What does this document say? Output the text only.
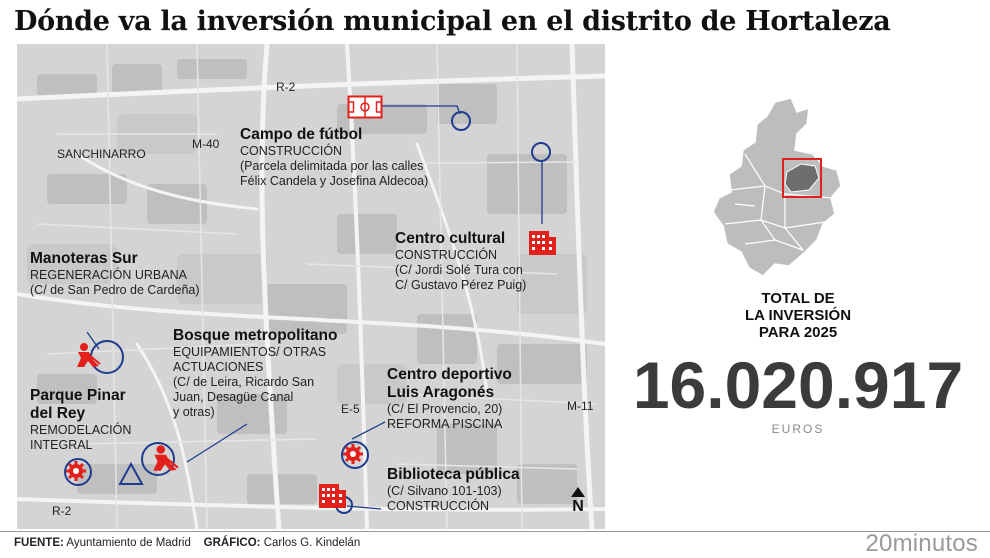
Dónde va la inversión municipal en el distrito de Hortaleza
R-2
M-40
SANCHINARRO
E-5	M-11
R-2
Campo de fútbol
CONSTRUCCIÓN
(Parcela delimitada por las calles
Félix Candela y Josefina Aldecoa)
Centro cultural
CONSTRUCCIÓN
(C/ Jordi Solé Tura con
C/ Gustavo Pérez Puig)
Manoteras Sur
REGENERACIÓN URBANA
(C/ de San Pedro de Cardeña)
Bosque metropolitano
EQUIPAMIENTOS/ OTRAS
ACTUACIONES
(C/ de Leira, Ricardo San
Juan, Desagüe Canal
y otras)
Parque Pinar
del Rey
REMODELACIÓN
INTEGRAL
Centro deportivo
Luis Aragonés
(C/ El Provencio, 20)
REFORMA PISCINA
Biblioteca pública
(C/ Silvano 101-103)
CONSTRUCCIÓN	N
TOTAL DE
LA INVERSIÓN
PARA 2025
16.020.917
EUROS
FUENTE: Ayuntamiento de Madrid GRÁFICO: Carlos G. Kindelán	20minutos
